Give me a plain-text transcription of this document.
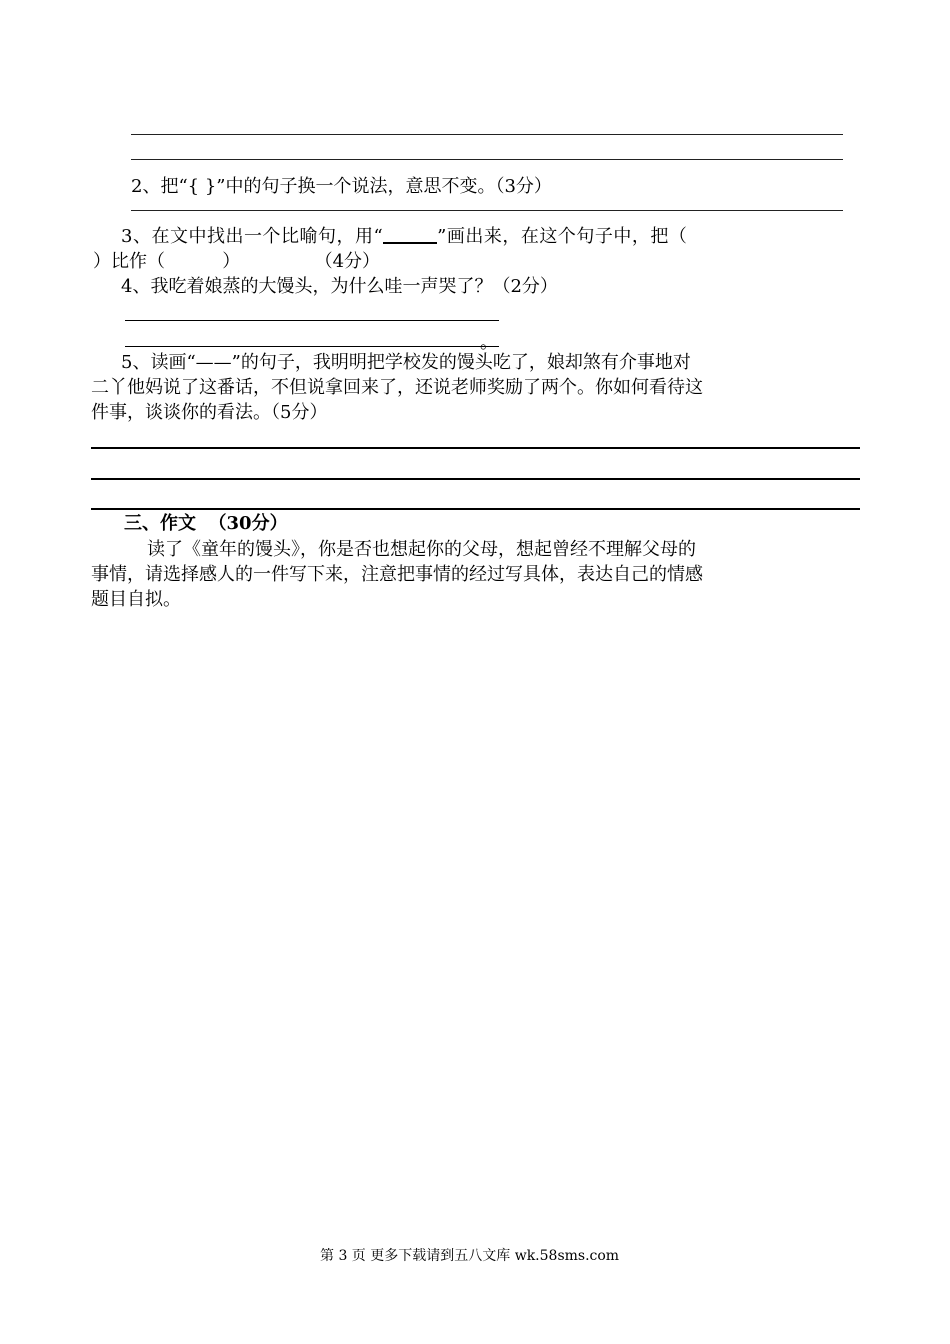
2、把“{ }”中的句子换一个说法，意思不变。（3分）
3、在文中找出一个比喻句，用“	”画出来，在这个句子中，把（
）比作（          ）             （4分）
4、我吃着娘蒸的大馒头，为什么哇一声哭了？（2分）
。
5、读画“——”的句子，我明明把学校发的馒头吃了，娘却煞有介事地对
二丫他妈说了这番话，不但说拿回来了，还说老师奖励了两个。你如何看待这
件事，谈谈你的看法。（5分）
三、作文  （30分）
读了《童年的馒头》，你是否也想起你的父母，想起曾经不理解父母的
事情，请选择感人的一件写下来，注意把事情的经过写具体，表达自己的情感
题目自拟。
第 3 页 更多下载请到五八文库 wk.58sms.com
